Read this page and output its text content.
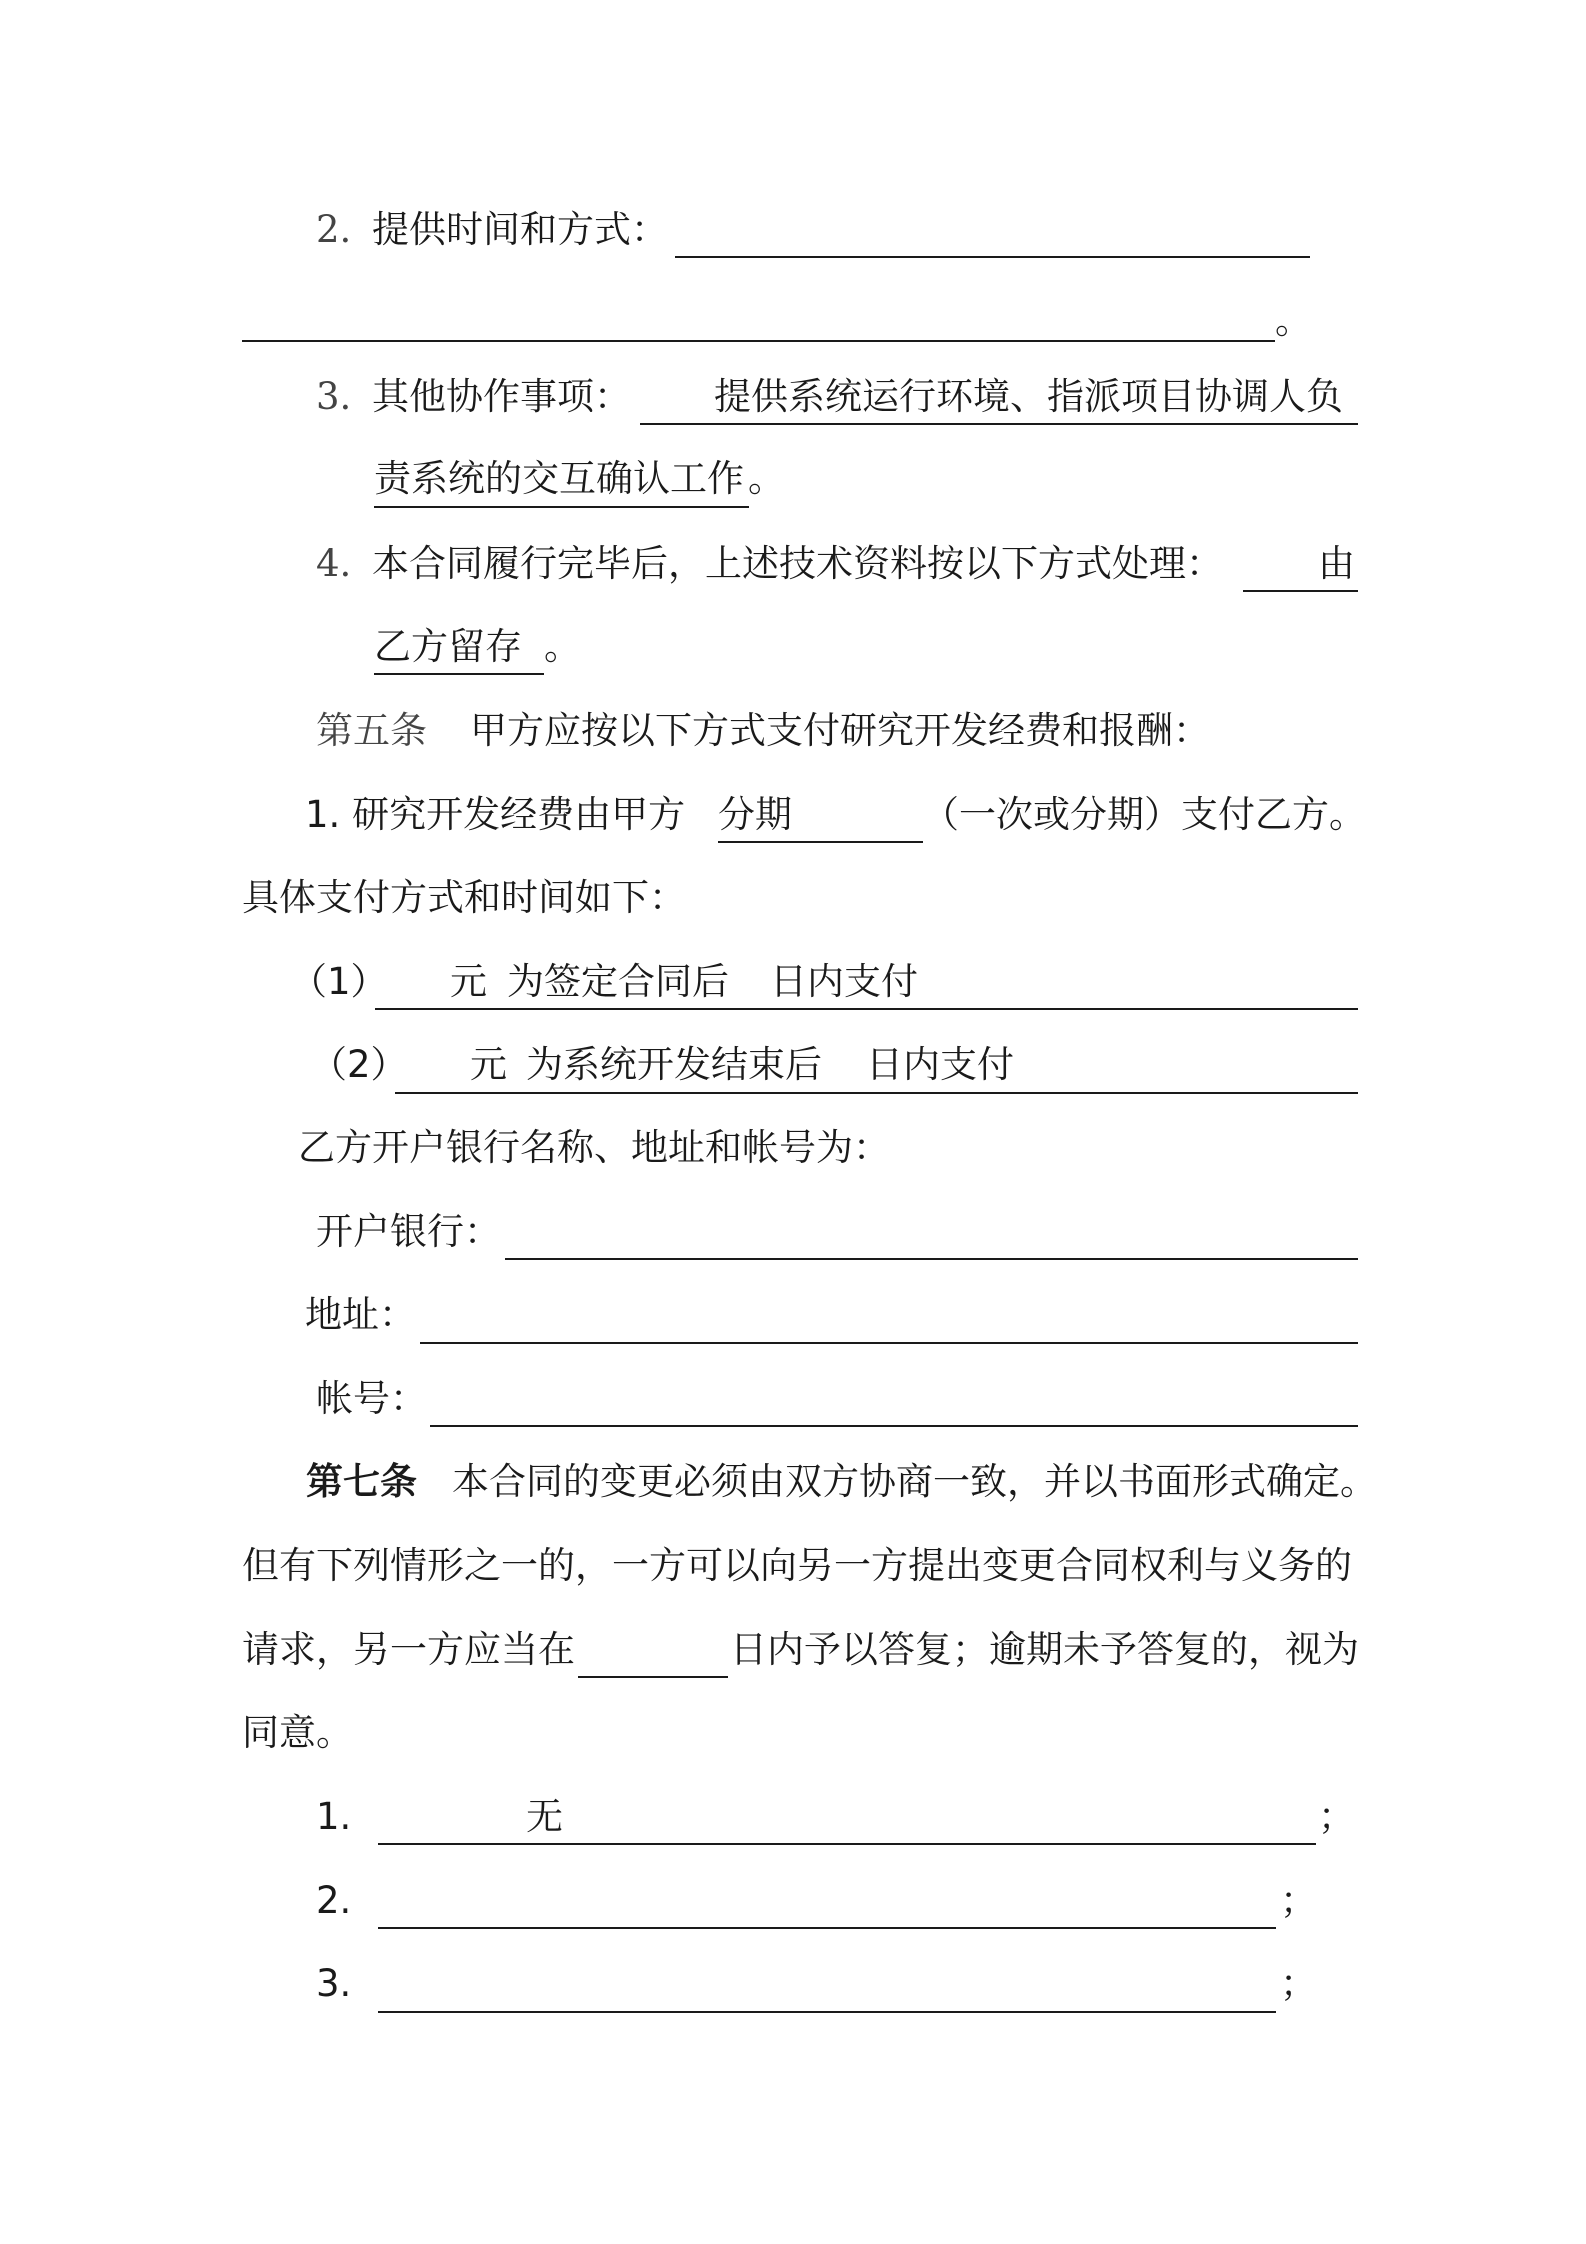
2. 提供时间和方式：
。
3. 其他协作事项： 提供系统运行环境、指派项目协调人负
责系统的交互确认工作 。
4. 本合同履行完毕后，上述技术资料按以下方式处理：	由
乙方留存 。
第五条 甲方应按以下方式支付研究开发经费和报酬：
1. 研究开发经费由甲方 分期	（一次或分期）支付乙方。
具体支付方式和时间如下：
（1） 元 为签定合同后 日内支付
（2） 元 为系统开发结束后 日内支付
乙方开户银行名称、地址和帐号为：
开户银行：
地址：
帐号：
第七条 本合同的变更必须由双方协商一致，并以书面形式确定。
但有下列情形之一的，一方可以向另一方提出变更合同权利与义务的
请求，另一方应当在	日内予以答复；逾期未予答复的，视为
同意。
1.	无	；
2.	；
3.	；
